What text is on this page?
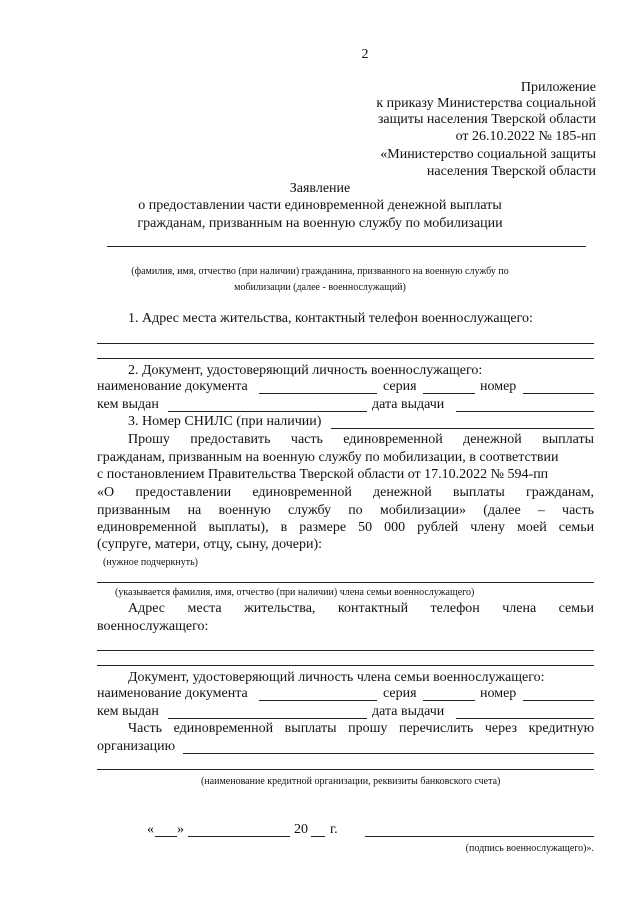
2
Приложение
к приказу Министерства социальной
защиты населения Тверской области
от 26.10.2022 № 185-нп
«Министерство социальной защиты
населения Тверской области
Заявление
о предоставлении части единовременной денежной выплаты
гражданам, призванным на военную службу по мобилизации
(фамилия, имя, отчество (при наличии) гражданина, призванного на военную службу по
мобилизации (далее - военнослужащий)
1. Адрес места жительства, контактный телефон военнослужащего:
2. Документ, удостоверяющий личность военнослужащего:
наименование документа	серия	номер
кем выдан	дата выдачи
3. Номер СНИЛС (при наличии)
Прошу предоставить часть единовременной денежной выплаты
гражданам, призванным на военную службу по мобилизации, в соответствии
с постановлением Правительства Тверской области от 17.10.2022 № 594-пп
«О предоставлении единовременной денежной выплаты гражданам,
призванным на военную службу по мобилизации» (далее – часть
единовременной выплаты), в размере 50 000 рублей члену моей семьи
(супруге, матери, отцу, сыну, дочери):
(нужное подчеркнуть)
(указывается фамилия, имя, отчество (при наличии) члена семьи военнослужащего)
Адрес места жительства, контактный телефон члена семьи
военнослужащего:
Документ, удостоверяющий личность члена семьи военнослужащего:
наименование документа	серия	номер
кем выдан	дата выдачи
Часть единовременной выплаты прошу перечислить через кредитную
организацию
(наименование кредитной организации, реквизиты банковского счета)
« »	20 г.
(подпись военнослужащего)».
